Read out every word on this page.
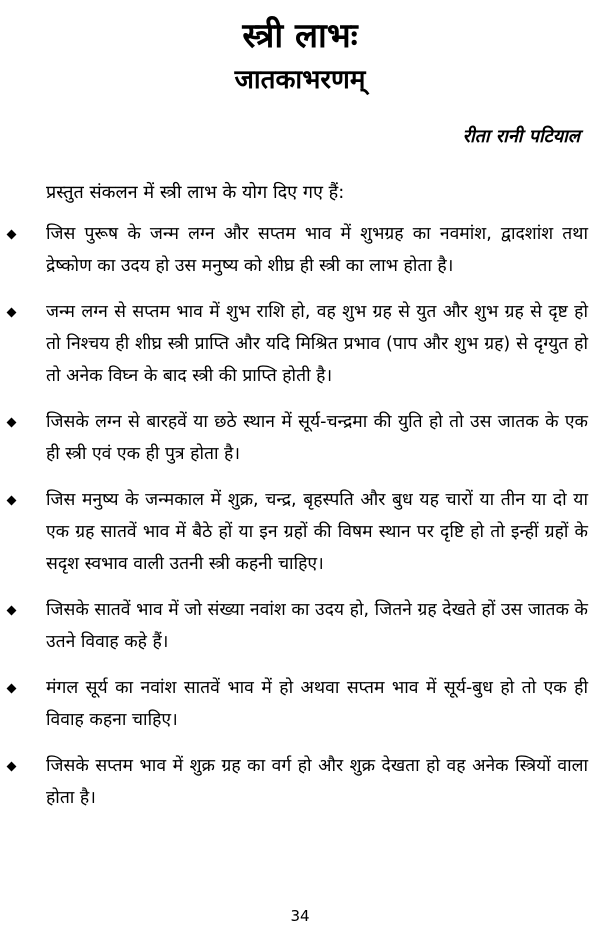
स्त्री लाभः
जातकाभरणम्
रीता रानी पटियाल
प्रस्तुत संकलन में स्त्री लाभ के योग दिए गए हैं:
जिस पुरूष के जन्म लग्न और सप्तम भाव में शुभग्रह का नवमांश, द्वादशांश तथा द्रेष्कोण का उदय हो उस मनुष्य को शीघ्र ही स्त्री का लाभ होता है।
जन्म लग्न से सप्तम भाव में शुभ राशि हो, वह शुभ ग्रह से युत और शुभ ग्रह से दृष्ट हो तो निश्चय ही शीघ्र स्त्री प्राप्ति और यदि मिश्रित प्रभाव (पाप और शुभ ग्रह) से दृग्युत हो तो अनेक विघ्न के बाद स्त्री की प्राप्ति होती है।
जिसके लग्न से बारहवें या छठे स्थान में सूर्य-चन्द्रमा की युति हो तो उस जातक के एक ही स्त्री एवं एक ही पुत्र होता है।
जिस मनुष्य के जन्मकाल में शुक्र, चन्द्र, बृहस्पति और बुध यह चारों या तीन या दो या एक ग्रह सातवें भाव में बैठे हों या इन ग्रहों की विषम स्थान पर दृष्टि हो तो इन्हीं ग्रहों के सदृश स्वभाव वाली उतनी स्त्री कहनी चाहिए।
जिसके सातवें भाव में जो संख्या नवांश का उदय हो, जितने ग्रह देखते हों उस जातक के उतने विवाह कहे हैं।
मंगल सूर्य का नवांश सातवें भाव में हो अथवा सप्तम भाव में सूर्य-बुध हो तो एक ही विवाह कहना चाहिए।
जिसके सप्तम भाव में शुक्र ग्रह का वर्ग हो और शुक्र देखता हो वह अनेक स्त्रियों वाला होता है।
34
